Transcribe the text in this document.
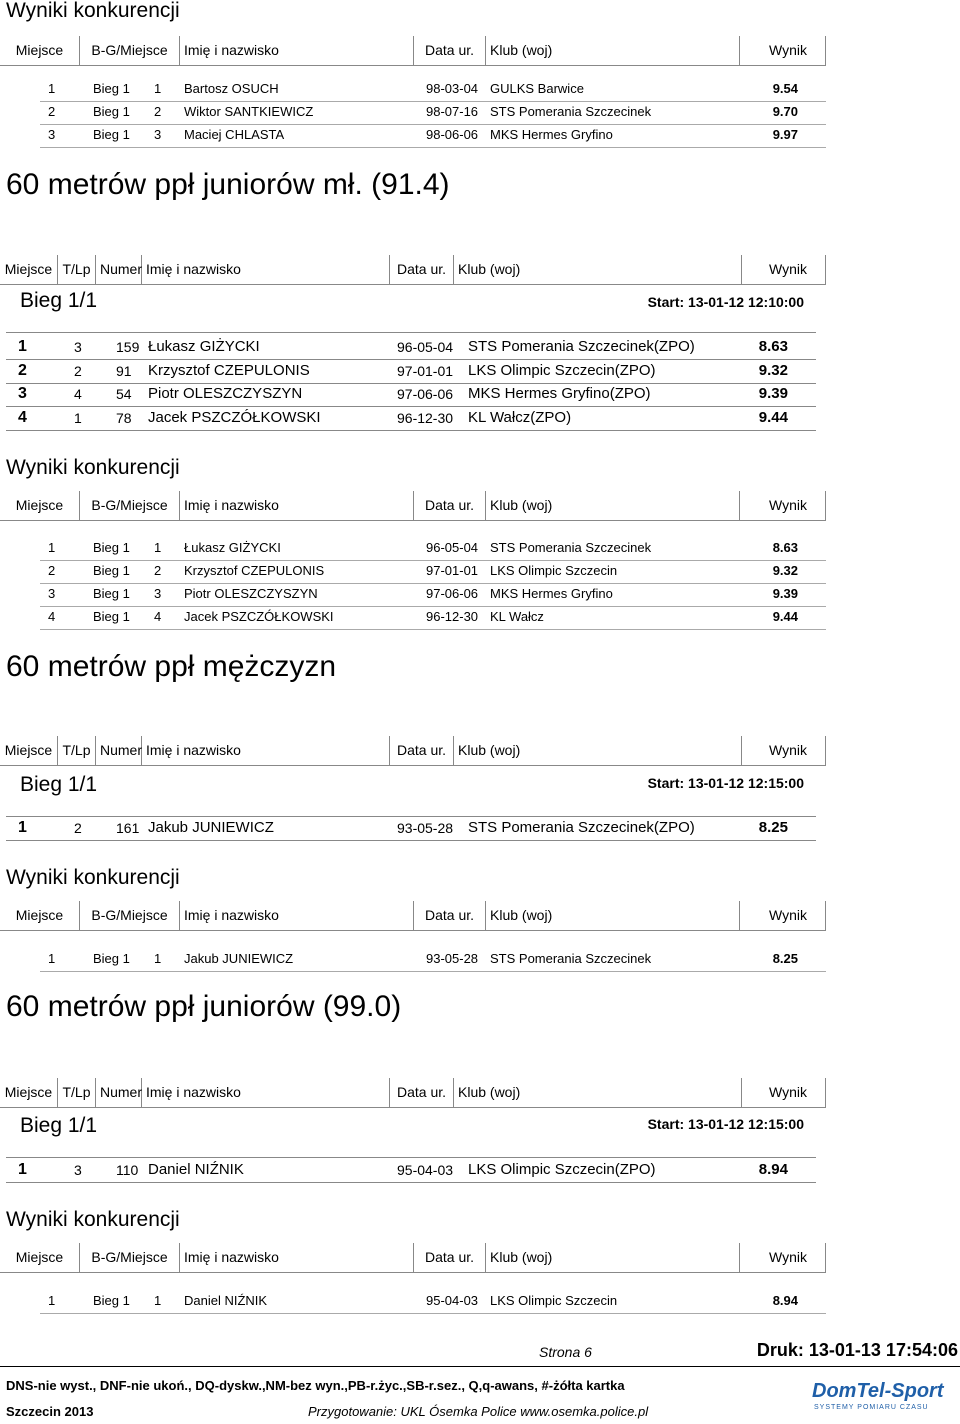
Wyniki konkurencji
Miejsce	B-G/Miejsce	Imię i nazwisko	Data ur.	Klub (woj)	Wynik
1	Bieg 1 1 Bartosz OSUCH	98-03-04 GULKS Barwice	9.54
2	Bieg 1 2 Wiktor SANTKIEWICZ	98-07-16 STS Pomerania Szczecinek	9.70
3	Bieg 1 3 Maciej CHLASTA	98-06-06 MKS Hermes Gryfino	9.97
60 metrów ppł juniorów mł. (91.4)
Miejsce T/Lp Numer Imię i nazwisko	Data ur. Klub (woj)	Wynik
Bieg 1/1	Start: 13-01-12 12:10:00
1	3 159 Łukasz GIŻYCKI	96-05-04 STS Pomerania Szczecinek(ZPO)	8.63
2	2 91 Krzysztof CZEPULONIS	97-01-01 LKS Olimpic Szczecin(ZPO)	9.32
3	4 54 Piotr OLESZCZYSZYN	97-06-06 MKS Hermes Gryfino(ZPO)	9.39
4	1 78 Jacek PSZCZÓŁKOWSKI	96-12-30 KL Wałcz(ZPO)	9.44
Wyniki konkurencji
Miejsce	B-G/Miejsce	Imię i nazwisko	Data ur.	Klub (woj)	Wynik
1	Bieg 1 1 Łukasz GIŻYCKI	96-05-04 STS Pomerania Szczecinek	8.63
2	Bieg 1 2 Krzysztof CZEPULONIS	97-01-01 LKS Olimpic Szczecin	9.32
3	Bieg 1 3 Piotr OLESZCZYSZYN	97-06-06 MKS Hermes Gryfino	9.39
4	Bieg 1 4 Jacek PSZCZÓŁKOWSKI	96-12-30 KL Wałcz	9.44
60 metrów ppł mężczyzn
Miejsce T/Lp Numer Imię i nazwisko	Data ur. Klub (woj)	Wynik
Bieg 1/1	Start: 13-01-12 12:15:00
1	2 161 Jakub JUNIEWICZ	93-05-28 STS Pomerania Szczecinek(ZPO)	8.25
Wyniki konkurencji
Miejsce	B-G/Miejsce	Imię i nazwisko	Data ur.	Klub (woj)	Wynik
1	Bieg 1 1 Jakub JUNIEWICZ	93-05-28 STS Pomerania Szczecinek	8.25
60 metrów ppł juniorów (99.0)
Miejsce T/Lp Numer Imię i nazwisko	Data ur. Klub (woj)	Wynik
Bieg 1/1	Start: 13-01-12 12:15:00
1	3 110 Daniel NIŹNIK	95-04-03 LKS Olimpic Szczecin(ZPO)	8.94
Wyniki konkurencji
Miejsce	B-G/Miejsce	Imię i nazwisko	Data ur.	Klub (woj)	Wynik
1	Bieg 1 1 Daniel NIŹNIK	95-04-03 LKS Olimpic Szczecin	8.94
Strona 6	Druk: 13-01-13 17:54:06
DNS-nie wyst., DNF-nie ukoń., DQ-dyskw.,NM-bez wyn.,PB-r.życ.,SB-r.sez., Q,q-awans, #-żółta kartka
Szczecin 2013	Przygotowanie: UKL Ósemka Police www.osemka.police.pl
DomTel-Sport
SYSTEMY POMIARU CZASU
